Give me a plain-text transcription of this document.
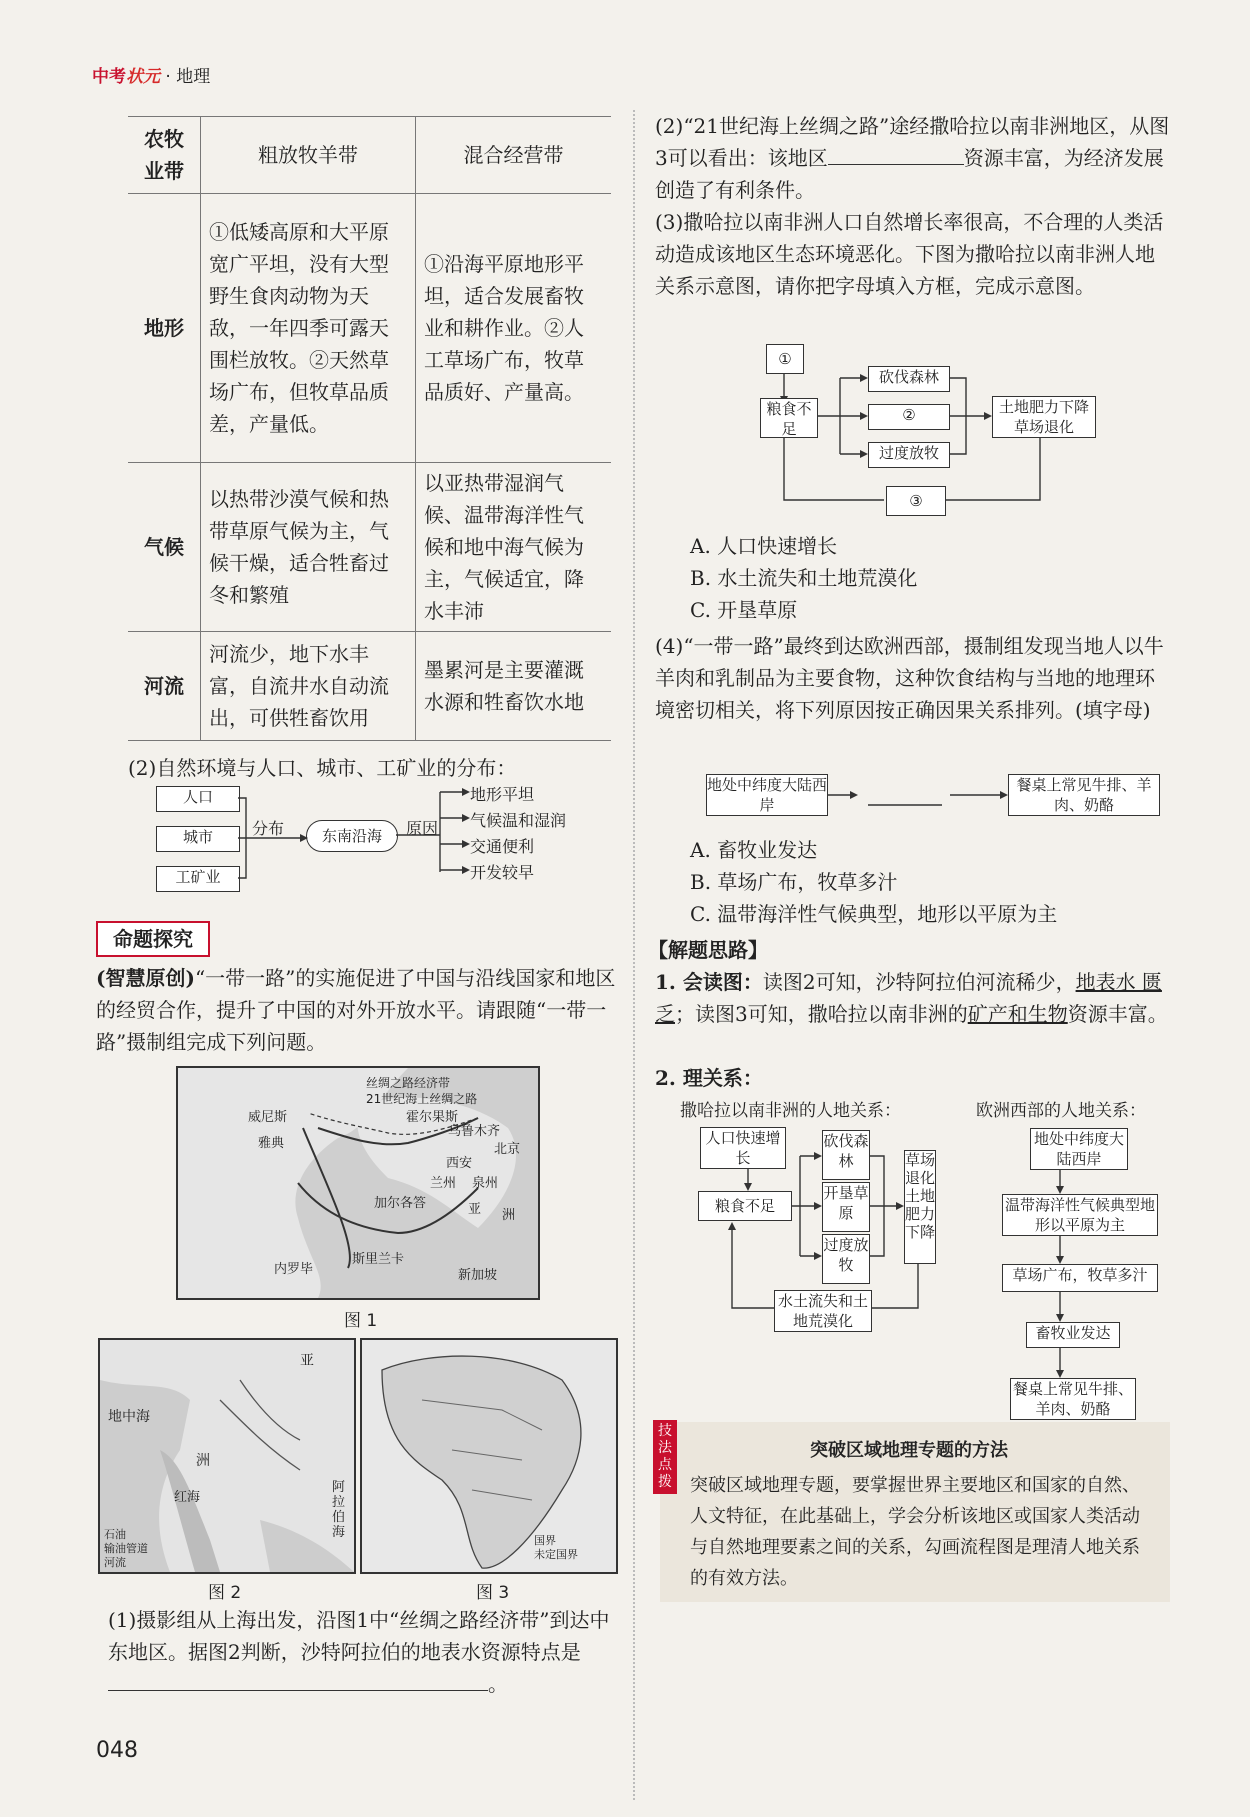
中考状元 · 地理
农牧业带	粗放牧羊带	混合经营带
地形	①低矮高原和大平原宽广平坦，没有大型野生食肉动物为天敌，一年四季可露天围栏放牧。②天然草场广布，但牧草品质差，产量低。	①沿海平原地形平坦，适合发展畜牧业和耕作业。②人工草场广布，牧草品质好、产量高。
气候	以热带沙漠气候和热带草原气候为主，气候干燥，适合牲畜过冬和繁殖	以亚热带湿润气候、温带海洋性气候和地中海气候为主，气候适宜，降水丰沛
河流	河流少，地下水丰富，自流井水自动流出，可供牲畜饮用	墨累河是主要灌溉水源和牲畜饮水地

(2)自然环境与人口、城市、工矿业的分布：

人口
城市
工矿业
分布	东南沿海	原因
地形平坦
气候温和湿润
交通便利
开发较早
命题探究

(智慧原创)“一带一路”的实施促进了中国与沿线国家和地区的经贸合作，提升了中国的对外开放水平。请跟随“一带一路”摄制组完成下列问题。

丝绸之路经济带
21世纪海上丝绸之路
威尼斯
雅典
霍尔果斯
乌鲁木齐
西安
北京
兰州 泉州
加尔各答
内罗毕
斯里兰卡
新加坡
亚 洲
图 1
亚
地中海
洲
红海
阿拉伯海
石油
输油管道
河流
图 2
国界
未定国界
图 3

(1)摄影组从上海出发，沿图1中“丝绸之路经济带”到达中东地区。据图2判断，沙特阿拉伯的地表水资源特点是。

(2)“21世纪海上丝绸之路”途经撒哈拉以南非洲地区，从图3可以看出：该地区	资源丰富，为经济发展创造了有利条件。

(3)撒哈拉以南非洲人口自然增长率很高，不合理的人类活动造成该地区生态环境恶化。下图为撒哈拉以南非洲人地关系示意图，请你把字母填入方框，完成示意图。

①
粮食不足
砍伐森林
②
过度放牧
土地肥力下降草场退化
③

A. 人口快速增长

B. 水土流失和土地荒漠化

C. 开垦草原

(4)“一带一路”最终到达欧洲西部，摄制组发现当地人以牛羊肉和乳制品为主要食物，这种饮食结构与当地的地理环境密切相关，将下列原因按正确因果关系排列。(填字母)

地处中纬度大陆西岸
餐桌上常见牛排、羊肉、奶酪

A. 畜牧业发达

B. 草场广布，牧草多汁

C. 温带海洋性气候典型，地形以平原为主

【解题思路】

1. 会读图：读图2可知，沙特阿拉伯河流稀少，地表水 匮乏；读图3可知，撒哈拉以南非洲的矿产和生物资源丰富。

2. 理关系：

撒哈拉以南非洲的人地关系：	欧洲西部的人地关系：
人口快速增长
粮食不足
砍伐森林
开垦草原
过度放牧
草场退化土地肥力下降
水土流失和土地荒漠化
地处中纬度大陆西岸
温带海洋性气候典型地形以平原为主
草场广布，牧草多汁
畜牧业发达
餐桌上常见牛排、羊肉、奶酪
突破区域地理专题的方法

突破区域地理专题，要掌握世界主要地区和国家的自然、人文特征，在此基础上，学会分析该地区或国家人类活动与自然地理要素之间的关系，勾画流程图是理清人地关系的有效方法。

技法点拨
048
